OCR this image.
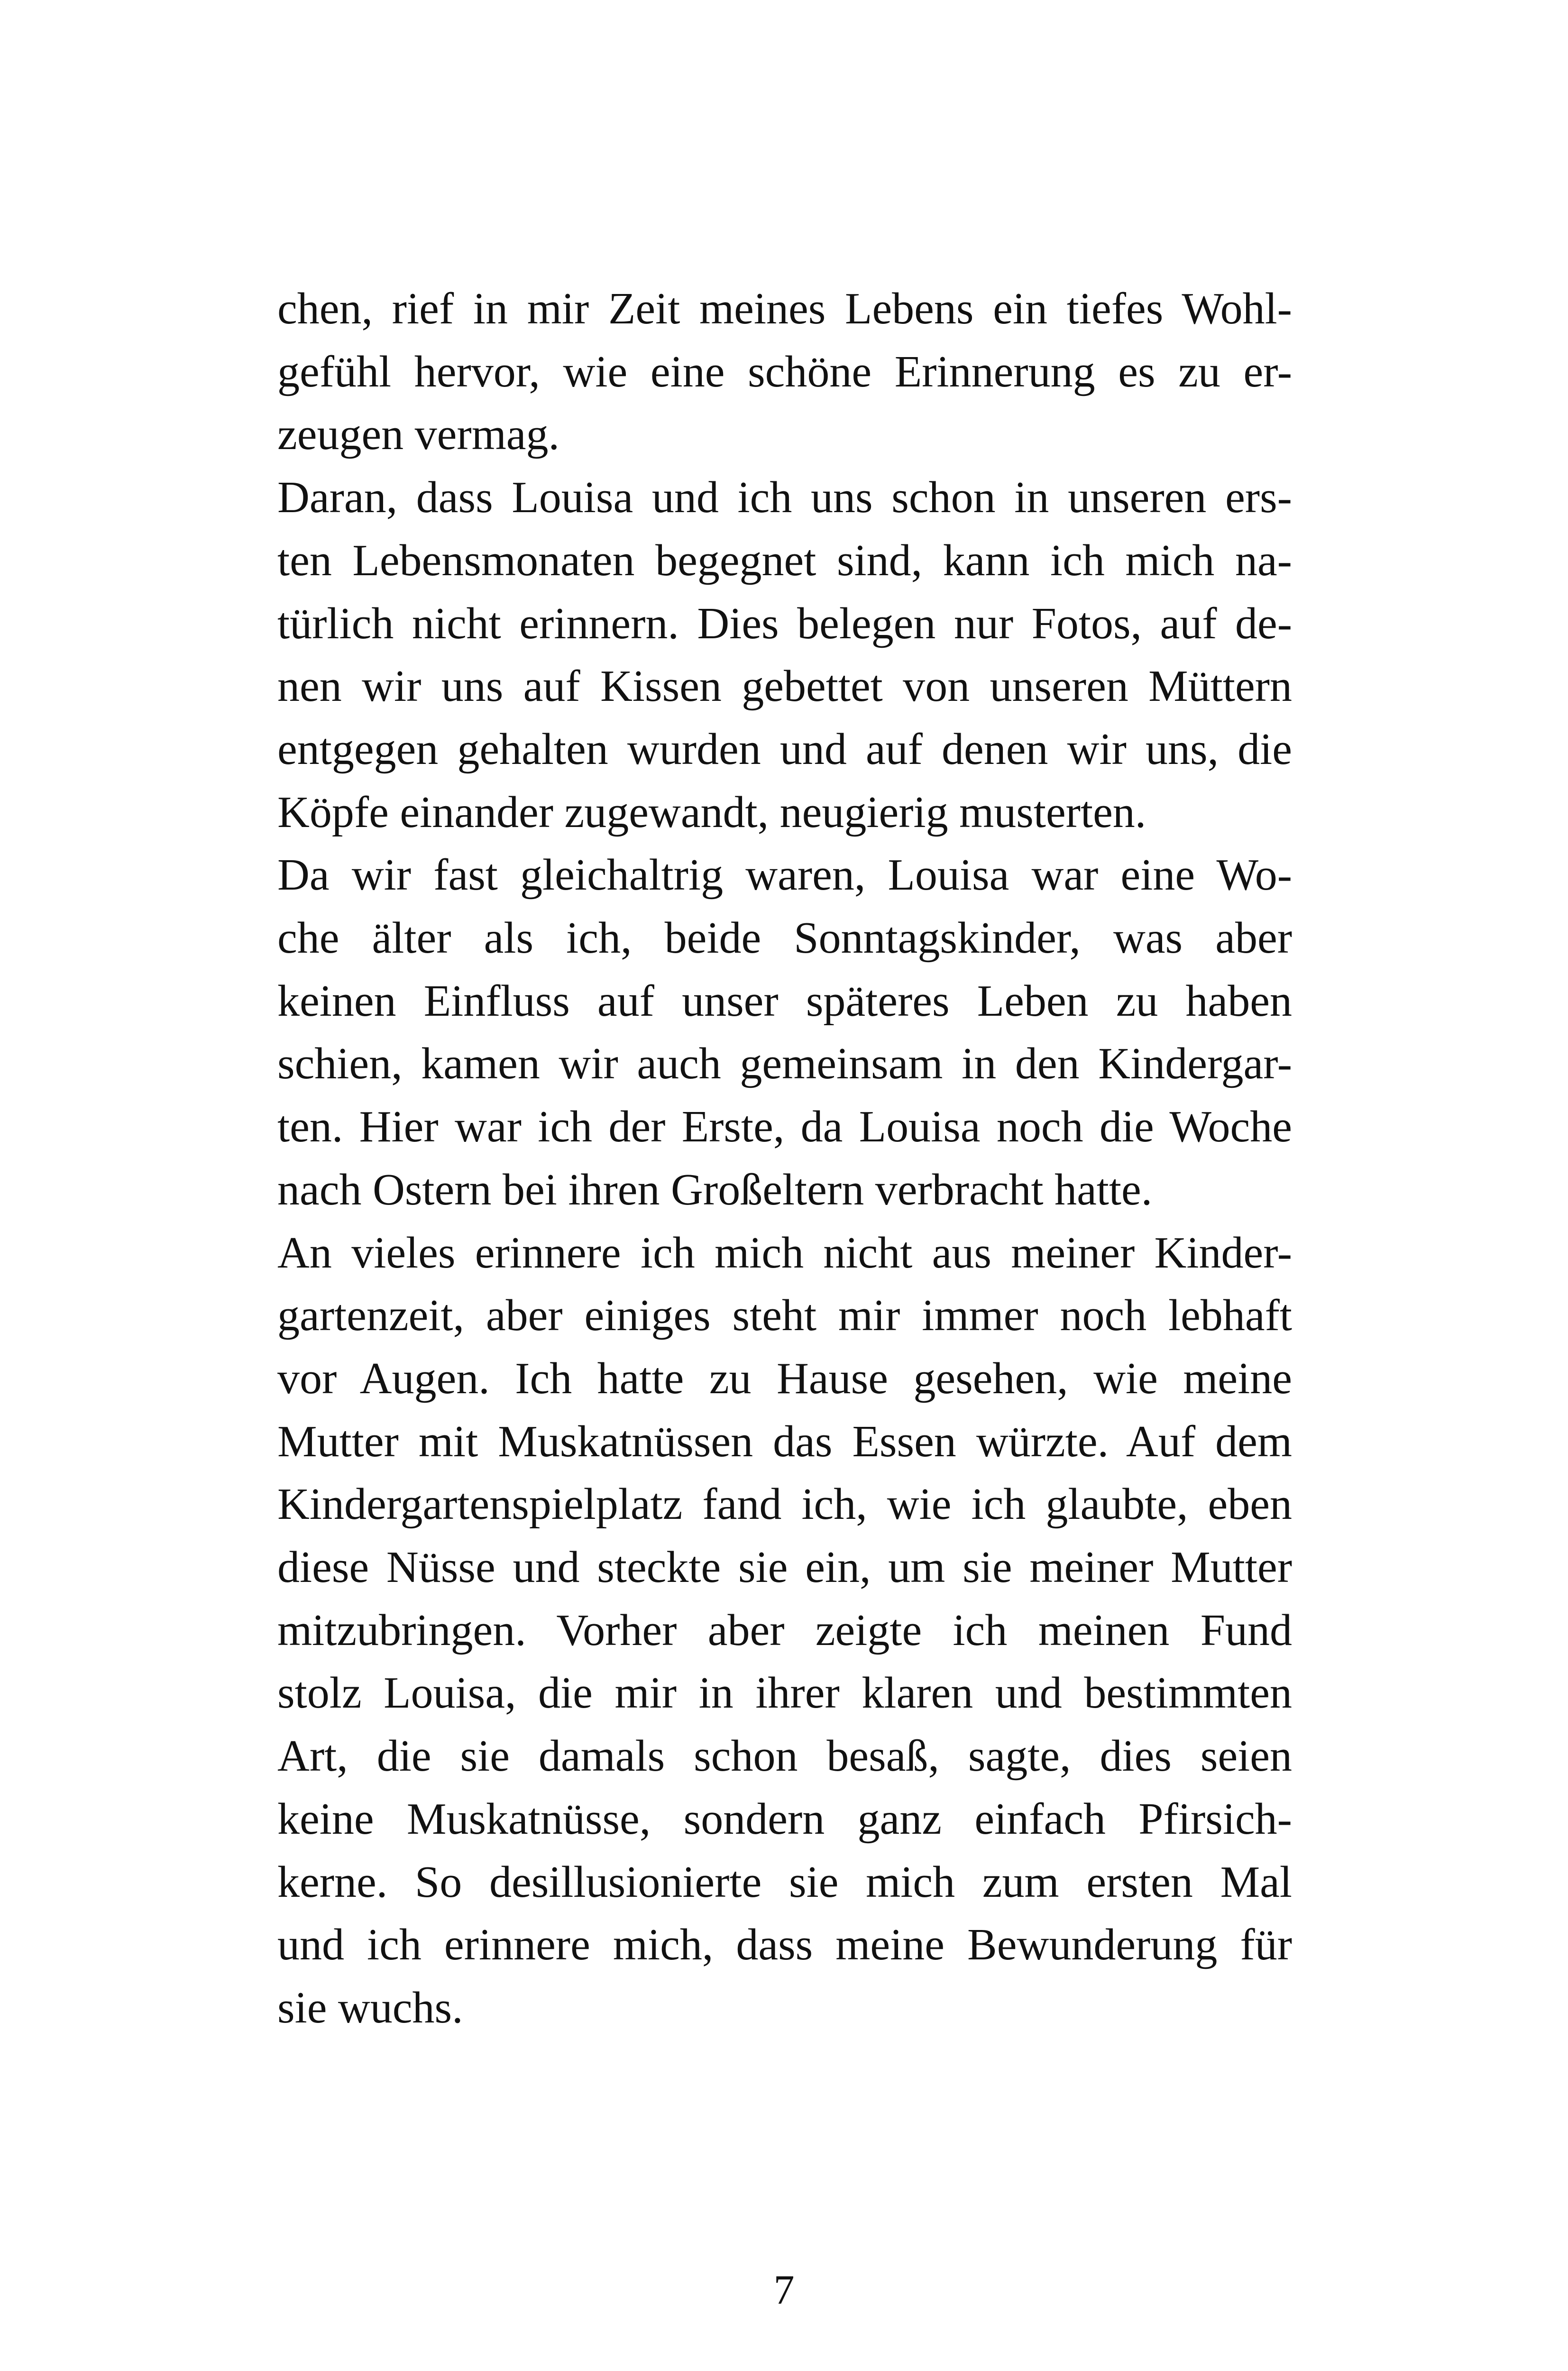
chen, rief in mir Zeit meines Lebens ein tiefes Wohl-
gefühl hervor, wie eine schöne Erinnerung es zu er-
zeugen vermag.
Daran, dass Louisa und ich uns schon in unseren ers-
ten Lebensmonaten begegnet sind, kann ich mich na-
türlich nicht erinnern. Dies belegen nur Fotos, auf de-
nen wir uns auf Kissen gebettet von unseren Müttern
entgegen gehalten wurden und auf denen wir uns, die
Köpfe einander zugewandt, neugierig musterten.
Da wir fast gleichaltrig waren, Louisa war eine Wo-
che älter als ich, beide Sonntagskinder, was aber
keinen Einfluss auf unser späteres Leben zu haben
schien, kamen wir auch gemeinsam in den Kindergar-
ten. Hier war ich der Erste, da Louisa noch die Woche
nach Ostern bei ihren Großeltern verbracht hatte.
An vieles erinnere ich mich nicht aus meiner Kinder-
gartenzeit, aber einiges steht mir immer noch lebhaft
vor Augen. Ich hatte zu Hause gesehen, wie meine
Mutter mit Muskatnüssen das Essen würzte. Auf dem
Kindergartenspielplatz fand ich, wie ich glaubte, eben
diese Nüsse und steckte sie ein, um sie meiner Mutter
mitzubringen. Vorher aber zeigte ich meinen Fund
stolz Louisa, die mir in ihrer klaren und bestimmten
Art, die sie damals schon besaß, sagte, dies seien
keine Muskatnüsse, sondern ganz einfach Pfirsich-
kerne. So desillusionierte sie mich zum ersten Mal
und ich erinnere mich, dass meine Bewunderung für
sie wuchs.
7
